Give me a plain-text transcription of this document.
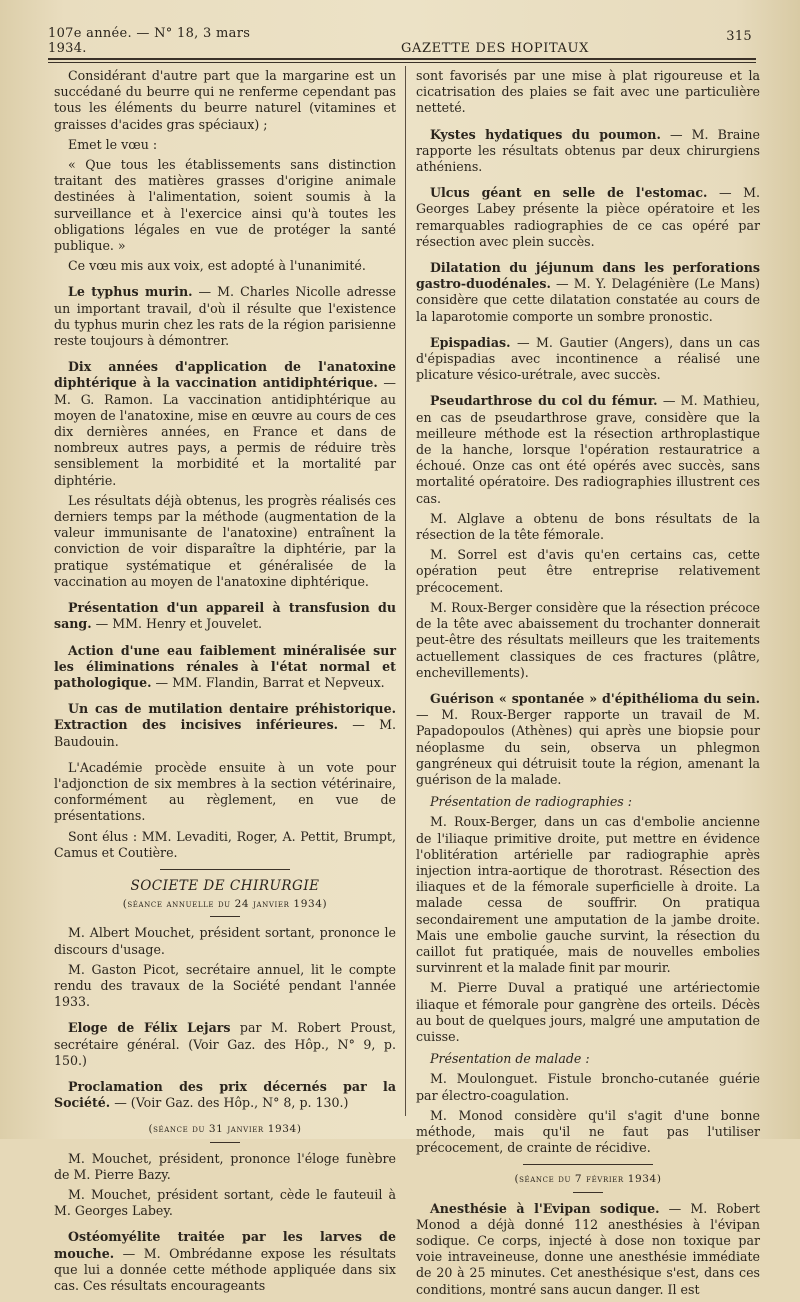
107e année. — N° 18, 3 mars 1934.	GAZETTE DES HOPITAUX
315

Considérant d'autre part que la margarine est un succédané du beurre qui ne renferme cependant pas tous les éléments du beurre naturel (vitamines et graisses d'acides gras spéciaux) ;

Emet le vœu :

« Que tous les établissements sans distinction traitant des matières grasses d'origine animale destinées à l'alimentation, soient soumis à la surveillance et à l'exercice ainsi qu'à toutes les obligations légales en vue de protéger la santé publique. »

Ce vœu mis aux voix, est adopté à l'unanimité.

Le typhus murin. — M. Charles Nicolle adresse un important travail, d'où il résulte que l'existence du typhus murin chez les rats de la région parisienne reste toujours à démontrer.

Dix années d'application de l'anatoxine diphtérique à la vaccination antidiphtérique. — M. G. Ramon. La vaccination antidiphtérique au moyen de l'anatoxine, mise en œuvre au cours de ces dix dernières années, en France et dans de nombreux autres pays, a permis de réduire très sensiblement la morbidité et la mortalité par diphtérie.

Les résultats déjà obtenus, les progrès réalisés ces derniers temps par la méthode (augmentation de la valeur immunisante de l'anatoxine) entraînent la conviction de voir disparaître la diphtérie, par la pratique systématique et généralisée de la vaccination au moyen de l'anatoxine diphtérique.

Présentation d'un appareil à transfusion du sang. — MM. Henry et Jouvelet.

Action d'une eau faiblement minéralisée sur les éliminations rénales à l'état normal et pathologique. — MM. Flandin, Barrat et Nepveux.

Un cas de mutilation dentaire préhistorique. Extraction des incisives inférieures. — M. Baudouin.

L'Académie procède ensuite à un vote pour l'adjonction de six membres à la section vétérinaire, conformément au règlement, en vue de présentations.

Sont élus : MM. Levaditi, Roger, A. Pettit, Brumpt, Camus et Coutière.

SOCIETE DE CHIRURGIE

(séance annuelle du 24 janvier 1934)

M. Albert Mouchet, président sortant, prononce le discours d'usage.

M. Gaston Picot, secrétaire annuel, lit le compte rendu des travaux de la Société pendant l'année 1933.

Eloge de Félix Lejars par M. Robert Proust, secrétaire général. (Voir Gaz. des Hôp., N° 9, p. 150.)

Proclamation des prix décernés par la Société. — (Voir Gaz. des Hôp., N° 8, p. 130.)

(séance du 31 janvier 1934)

M. Mouchet, président, prononce l'éloge funèbre de M. Pierre Bazy.

M. Mouchet, président sortant, cède le fauteuil à M. Georges Labey.

Ostéomyélite traitée par les larves de mouche. — M. Ombrédanne expose les résultats que lui a donnée cette méthode appliquée dans six cas. Ces résultats encourageants

sont favorisés par une mise à plat rigoureuse et la cicatrisation des plaies se fait avec une particulière netteté.

Kystes hydatiques du poumon. — M. Braine rapporte les résultats obtenus par deux chirurgiens athéniens.

Ulcus géant en selle de l'estomac. — M. Georges Labey présente la pièce opératoire et les remarquables radiographies de ce cas opéré par résection avec plein succès.

Dilatation du jéjunum dans les perforations gastro-duodénales. — M. Y. Delagénière (Le Mans) considère que cette dilatation constatée au cours de la laparotomie comporte un sombre pronostic.

Epispadias. — M. Gautier (Angers), dans un cas d'épispadias avec incontinence a réalisé une plicature vésico-urétrale, avec succès.

Pseudarthrose du col du fémur. — M. Mathieu, en cas de pseudarthrose grave, considère que la meilleure méthode est la résection arthroplastique de la hanche, lorsque l'opération restauratrice a échoué. Onze cas ont été opérés avec succès, sans mortalité opératoire. Des radiographies illustrent ces cas.

M. Alglave a obtenu de bons résultats de la résection de la tête fémorale.

M. Sorrel est d'avis qu'en certains cas, cette opération peut être entreprise relativement précocement.

M. Roux-Berger considère que la résection précoce de la tête avec abaissement du trochanter donnerait peut-être des résultats meilleurs que les traitements actuellement classiques de ces fractures (plâtre, enchevillements).

Guérison « spontanée » d'épithélioma du sein. — M. Roux-Berger rapporte un travail de M. Papadopoulos (Athènes) qui après une biopsie pour néoplasme du sein, observa un phlegmon gangréneux qui détruisit toute la région, amenant la guérison de la malade.

Présentation de radiographies :

M. Roux-Berger, dans un cas d'embolie ancienne de l'iliaque primitive droite, put mettre en évidence l'oblitération artérielle par radiographie après injection intra-aortique de thorotrast. Résection des iliaques et de la fémorale superficielle à droite. La malade cessa de souffrir. On pratiqua secondairement une amputation de la jambe droite. Mais une embolie gauche survint, la résection du caillot fut pratiquée, mais de nouvelles embolies survinrent et la malade finit par mourir.

M. Pierre Duval a pratiqué une artériectomie iliaque et fémorale pour gangrène des orteils. Décès au bout de quelques jours, malgré une amputation de cuisse.

Présentation de malade :

M. Moulonguet. Fistule broncho-cutanée guérie par électro-coagulation.

M. Monod considère qu'il s'agit d'une bonne méthode, mais qu'il ne faut pas l'utiliser précocement, de crainte de récidive.

(séance du 7 février 1934)

Anesthésie à l'Evipan sodique. — M. Robert Monod a déjà donné 112 anesthésies à l'évipan sodique. Ce corps, injecté à dose non toxique par voie intraveineuse, donne une anesthésie immédiate de 20 à 25 minutes. Cet anesthésique s'est, dans ces conditions, montré sans aucun danger. Il est
